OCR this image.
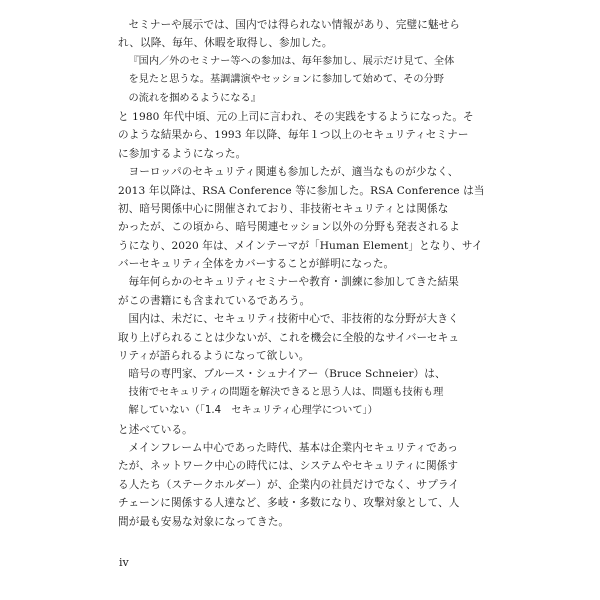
セミナーや展示では、国内では得られない情報があり、完璧に魅せら
れ、以降、毎年、休暇を取得し、参加した。

『国内／外のセミナー等への参加は、毎年参加し、展示だけ見て、全体
を見たと思うな。基調講演やセッションに参加して始めて、その分野
の流れを掴めるようになる』

と 1980 年代中頃、元の上司に言われ、その実践をするようになった。そ
のような結果から、1993 年以降、毎年１つ以上のセキュリティセミナー
に参加するようになった。

ヨーロッパのセキュリティ関連も参加したが、適当なものが少なく、
2013 年以降は、RSA Conference 等に参加した。RSA Conference は当
初、暗号関係中心に開催されており、非技術セキュリティとは関係な
かったが、この頃から、暗号関連セッション以外の分野も発表されるよ
うになり、2020 年は、メインテーマが「Human Element」となり、サイ
バーセキュリティ全体をカバーすることが鮮明になった。

毎年何らかのセキュリティセミナーや教育・訓練に参加してきた結果
がこの書籍にも含まれているであろう。

国内は、未だに、セキュリティ技術中心で、非技術的な分野が大きく
取り上げられることは少ないが、これを機会に全般的なサイバーセキュ
リティが語られるようになって欲しい。

暗号の専門家、ブルース・シュナイアー（Bruce Schneier）は、

技術でセキュリティの問題を解決できると思う人は、問題も技術も理
解していない（「1.4　セキュリティ心理学について」）

と述べている。

メインフレーム中心であった時代、基本は企業内セキュリティであっ
たが、ネットワーク中心の時代には、システムやセキュリティに関係す
る人たち（ステークホルダー）が、企業内の社員だけでなく、サプライ
チェーンに関係する人達など、多岐・多数になり、攻撃対象として、人
間が最も安易な対象になってきた。

iv
